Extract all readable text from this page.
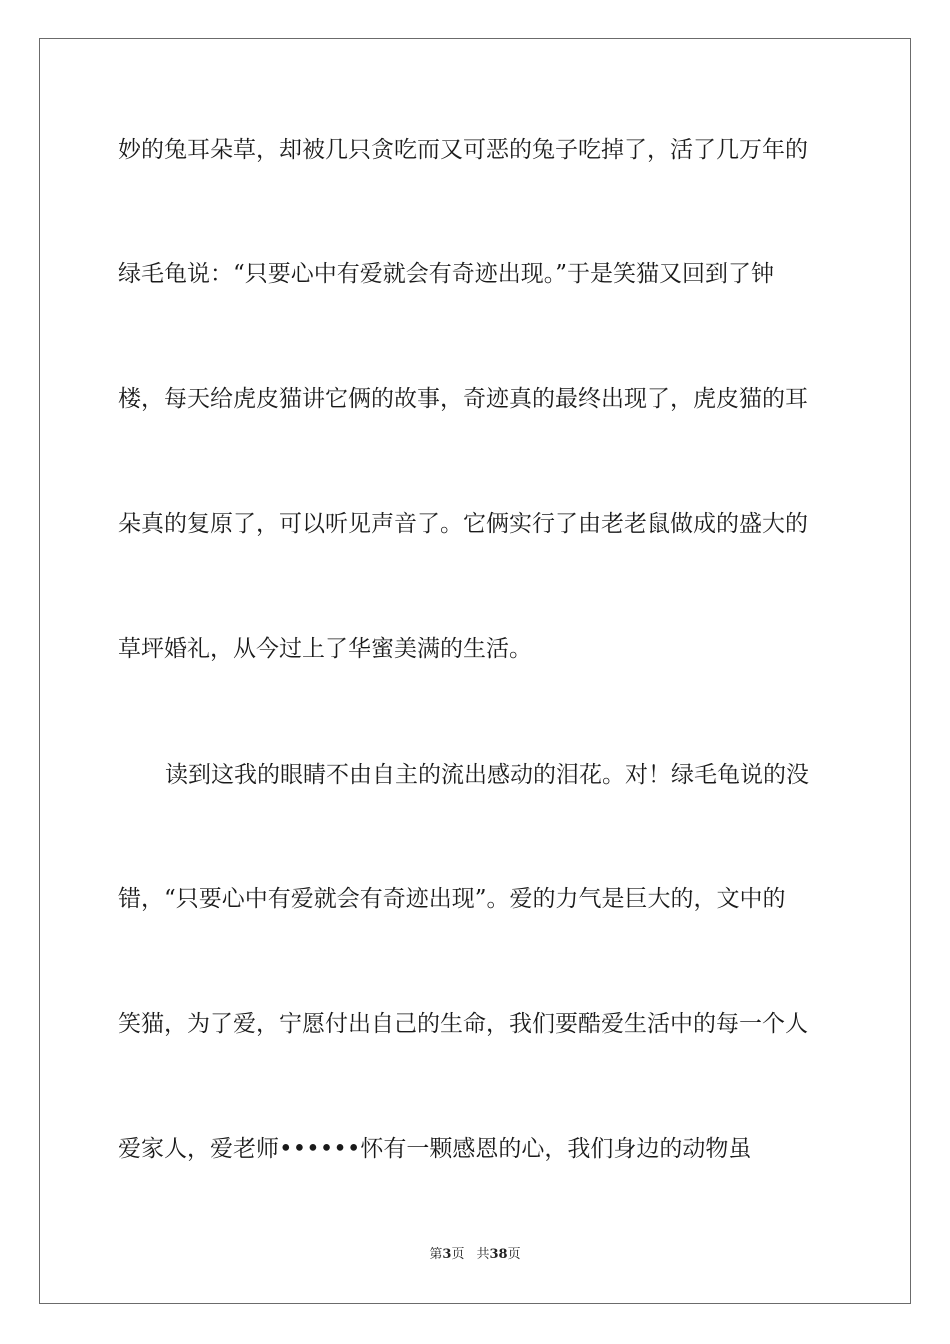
妙的兔耳朵草，却被几只贪吃而又可恶的兔子吃掉了，活了几万年的
绿毛龟说：“只要心中有爱就会有奇迹出现。”于是笑猫又回到了钟
楼，每天给虎皮猫讲它俩的故事，奇迹真的最终出现了，虎皮猫的耳
朵真的复原了，可以听见声音了。它俩实行了由老老鼠做成的盛大的
草坪婚礼，从今过上了华蜜美满的生活。
读到这我的眼睛不由自主的流出感动的泪花。对！绿毛龟说的没
错，“只要心中有爱就会有奇迹出现”。爱的力气是巨大的，文中的
笑猫，为了爱，宁愿付出自己的生命，我们要酷爱生活中的每一个人
爱家人，爱老师••••••怀有一颗感恩的心，我们身边的动物虽
第3页 共38页
